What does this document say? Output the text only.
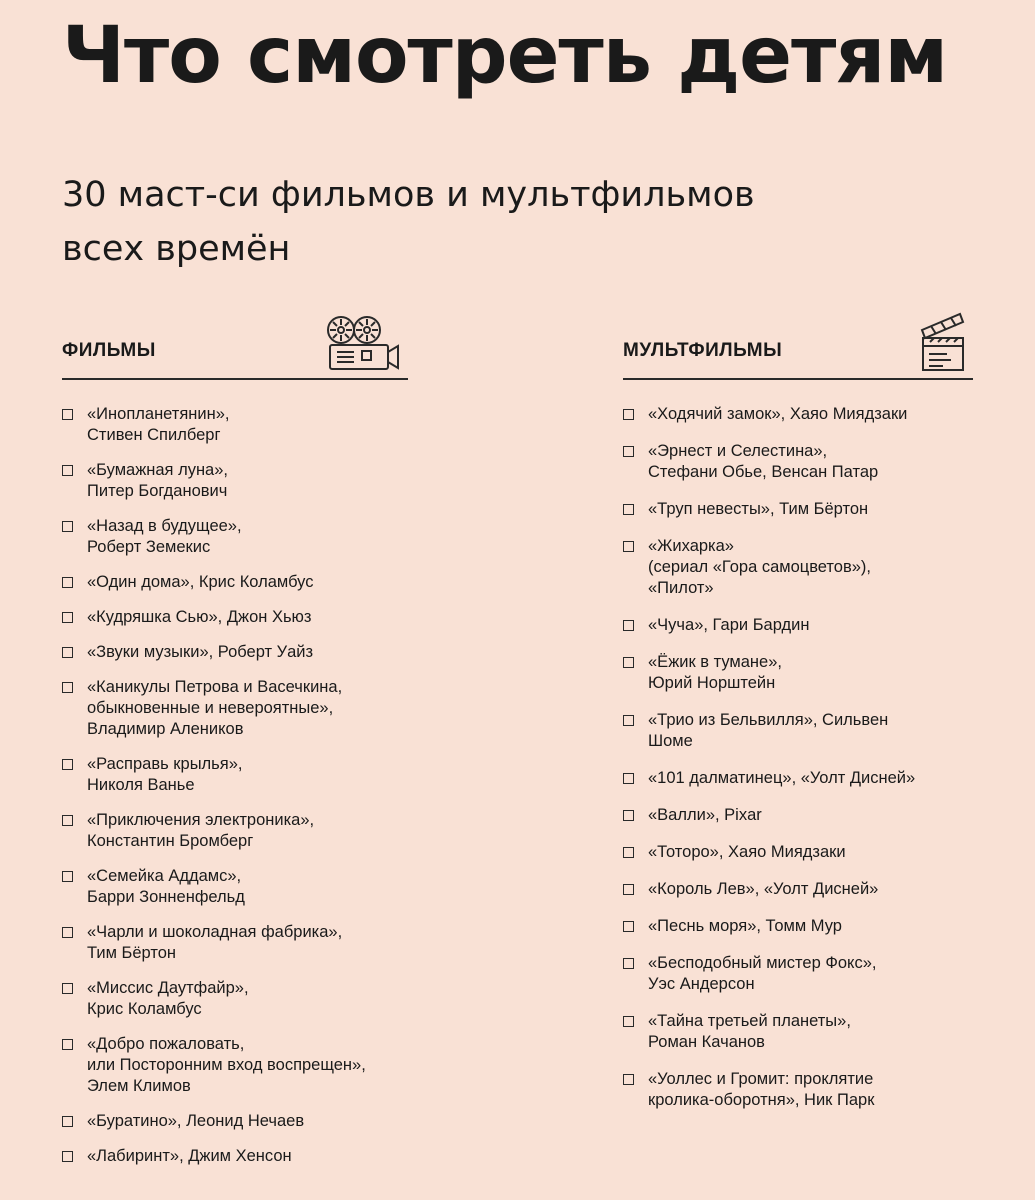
Что смотреть детям
30 маст-си фильмов и мультфильмов
всех времён
ФИЛЬМЫ
«Инопланетянин»,
Стивен Спилберг
«Бумажная луна»,
Питер Богданович
«Назад в будущее»,
Роберт Земекис
«Один дома», Крис Коламбус
«Кудряшка Сью», Джон Хьюз
«Звуки музыки», Роберт Уайз
«Каникулы Петрова и Васечкина,
обыкновенные и невероятные»,
Владимир Алеников
«Расправь крылья»,
Николя Ванье
«Приключения электроника»,
Константин Бромберг
«Семейка Аддамс»,
Барри Зонненфельд
«Чарли и шоколадная фабрика»,
Тим Бёртон
«Миссис Даутфайр»,
Крис Коламбус
«Добро пожаловать,
или Посторонним вход воспрещен»,
Элем Климов
«Буратино», Леонид Нечаев
«Лабиринт», Джим Хенсон
МУЛЬТФИЛЬМЫ
«Ходячий замок», Хаяо Миядзаки
«Эрнест и Селестина»,
Стефани Обье, Венсан Патар
«Труп невесты», Тим Бёртон
«Жихарка»
(сериал «Гора самоцветов»),
«Пилот»
«Чуча», Гари Бардин
«Ёжик в тумане»,
Юрий Норштейн
«Трио из Бельвилля», Сильвен
Шоме
«101 далматинец», «Уолт Дисней»
«Валли», Pixar
«Тоторо», Хаяо Миядзаки
«Король Лев», «Уолт Дисней»
«Песнь моря», Томм Мур
«Бесподобный мистер Фокс»,
Уэс Андерсон
«Тайна третьей планеты»,
Роман Качанов
«Уоллес и Громит: проклятие
кролика-оборотня», Ник Парк
